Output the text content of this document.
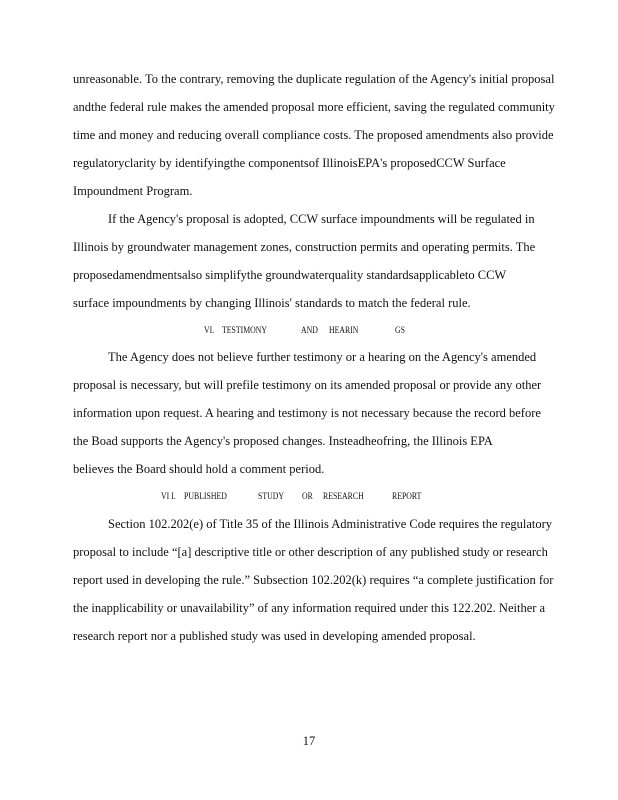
unreasonable. To the contrary, removing the duplicate regulation of the Agency's initial proposal
andthe federal rule makes the amended proposal more efficient, saving the regulated community
time and money and reducing overall compliance costs. The proposed amendments also provide
regulatoryclarity by identifyingthe componentsof IllinoisEPA's proposedCCW Surface
Impoundment Program.
If the Agency's proposal is adopted, CCW surface impoundments will be regulated in
Illinois by groundwater management zones, construction permits and operating permits. The
proposedamendmentsalso simplifythe groundwaterquality standardsapplicableto CCW
surface impoundments by changing Illinois' standards to match the federal rule.
VI. TESTIMONY	AND HEARIN	GS
The Agency does not believe further testimony or a hearing on the Agency's amended
proposal is necessary, but will prefile testimony on its amended proposal or provide any other
information upon request. A hearing and testimony is not necessary because the record before
the Boad supports the Agency's proposed changes. Insteadheofring, the Illinois EPA
believes the Board should hold a comment period.
VI I. PUBLISHED	STUDY OR RESEARCH	REPORT
Section 102.202(e) of Title 35 of the Illinois Administrative Code requires the regulatory
proposal to include “[a] descriptive title or other description of any published study or research
report used in developing the rule.” Subsection 102.202(k) requires “a complete justification for
the inapplicability or unavailability” of any information required under this 122.202. Neither a
research report nor a published study was used in developing amended proposal.
17
